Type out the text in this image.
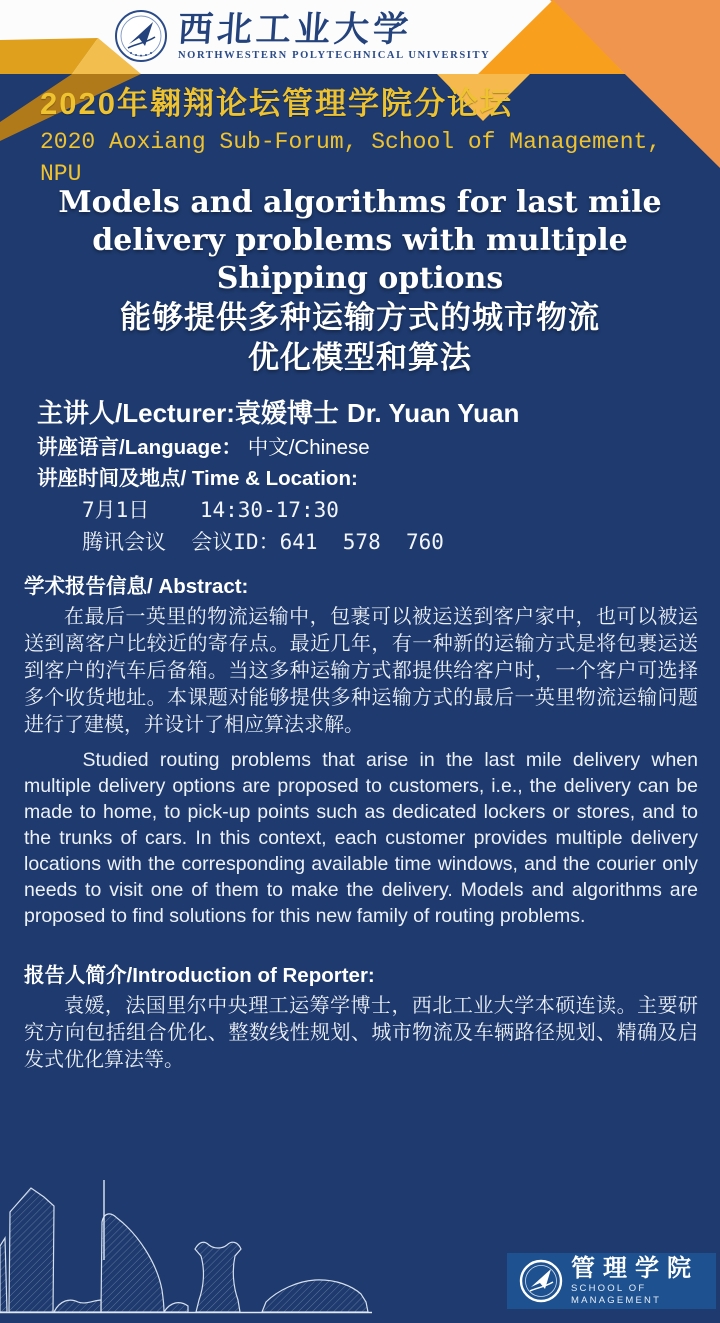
西北工业大学
NORTHWESTERN POLYTECHNICAL UNIVERSITY
2020年翱翔论坛管理学院分论坛
2020 Aoxiang Sub-Forum, School of Management, NPU
Models and algorithms for last mile
delivery problems with multiple
Shipping options
能够提供多种运输方式的城市物流
优化模型和算法
主讲人/Lecturer:袁媛博士 Dr. Yuan Yuan
讲座语言/Language： 中文/Chinese
讲座时间及地点/ Time & Location:
7月1日    14:30-17:30
腾讯会议  会议ID：641  578  760
学术报告信息/ Abstract:

在最后一英里的物流运输中，包裹可以被运送到客户家中，也可以被运送到离客户比较近的寄存点。最近几年，有一种新的运输方式是将包裹运送到客户的汽车后备箱。当这多种运输方式都提供给客户时，一个客户可选择多个收货地址。本课题对能够提供多种运输方式的最后一英里物流运输问题进行了建模，并设计了相应算法求解。

Studied routing problems that arise in the last mile delivery when multiple delivery options are proposed to customers, i.e., the delivery can be made to home, to pick-up points such as dedicated lockers or stores, and to the trunks of cars. In this context, each customer provides multiple delivery locations with the corresponding available time windows, and the courier only needs to visit one of them to make the delivery. Models and algorithms are proposed to find solutions for this new family of routing problems.

报告人简介/Introduction of Reporter:

袁媛，法国里尔中央理工运筹学博士，西北工业大学本硕连读。主要研究方向包括组合优化、整数线性规划、城市物流及车辆路径规划、精确及启发式优化算法等。

管理学院
SCHOOL OF MANAGEMENT
